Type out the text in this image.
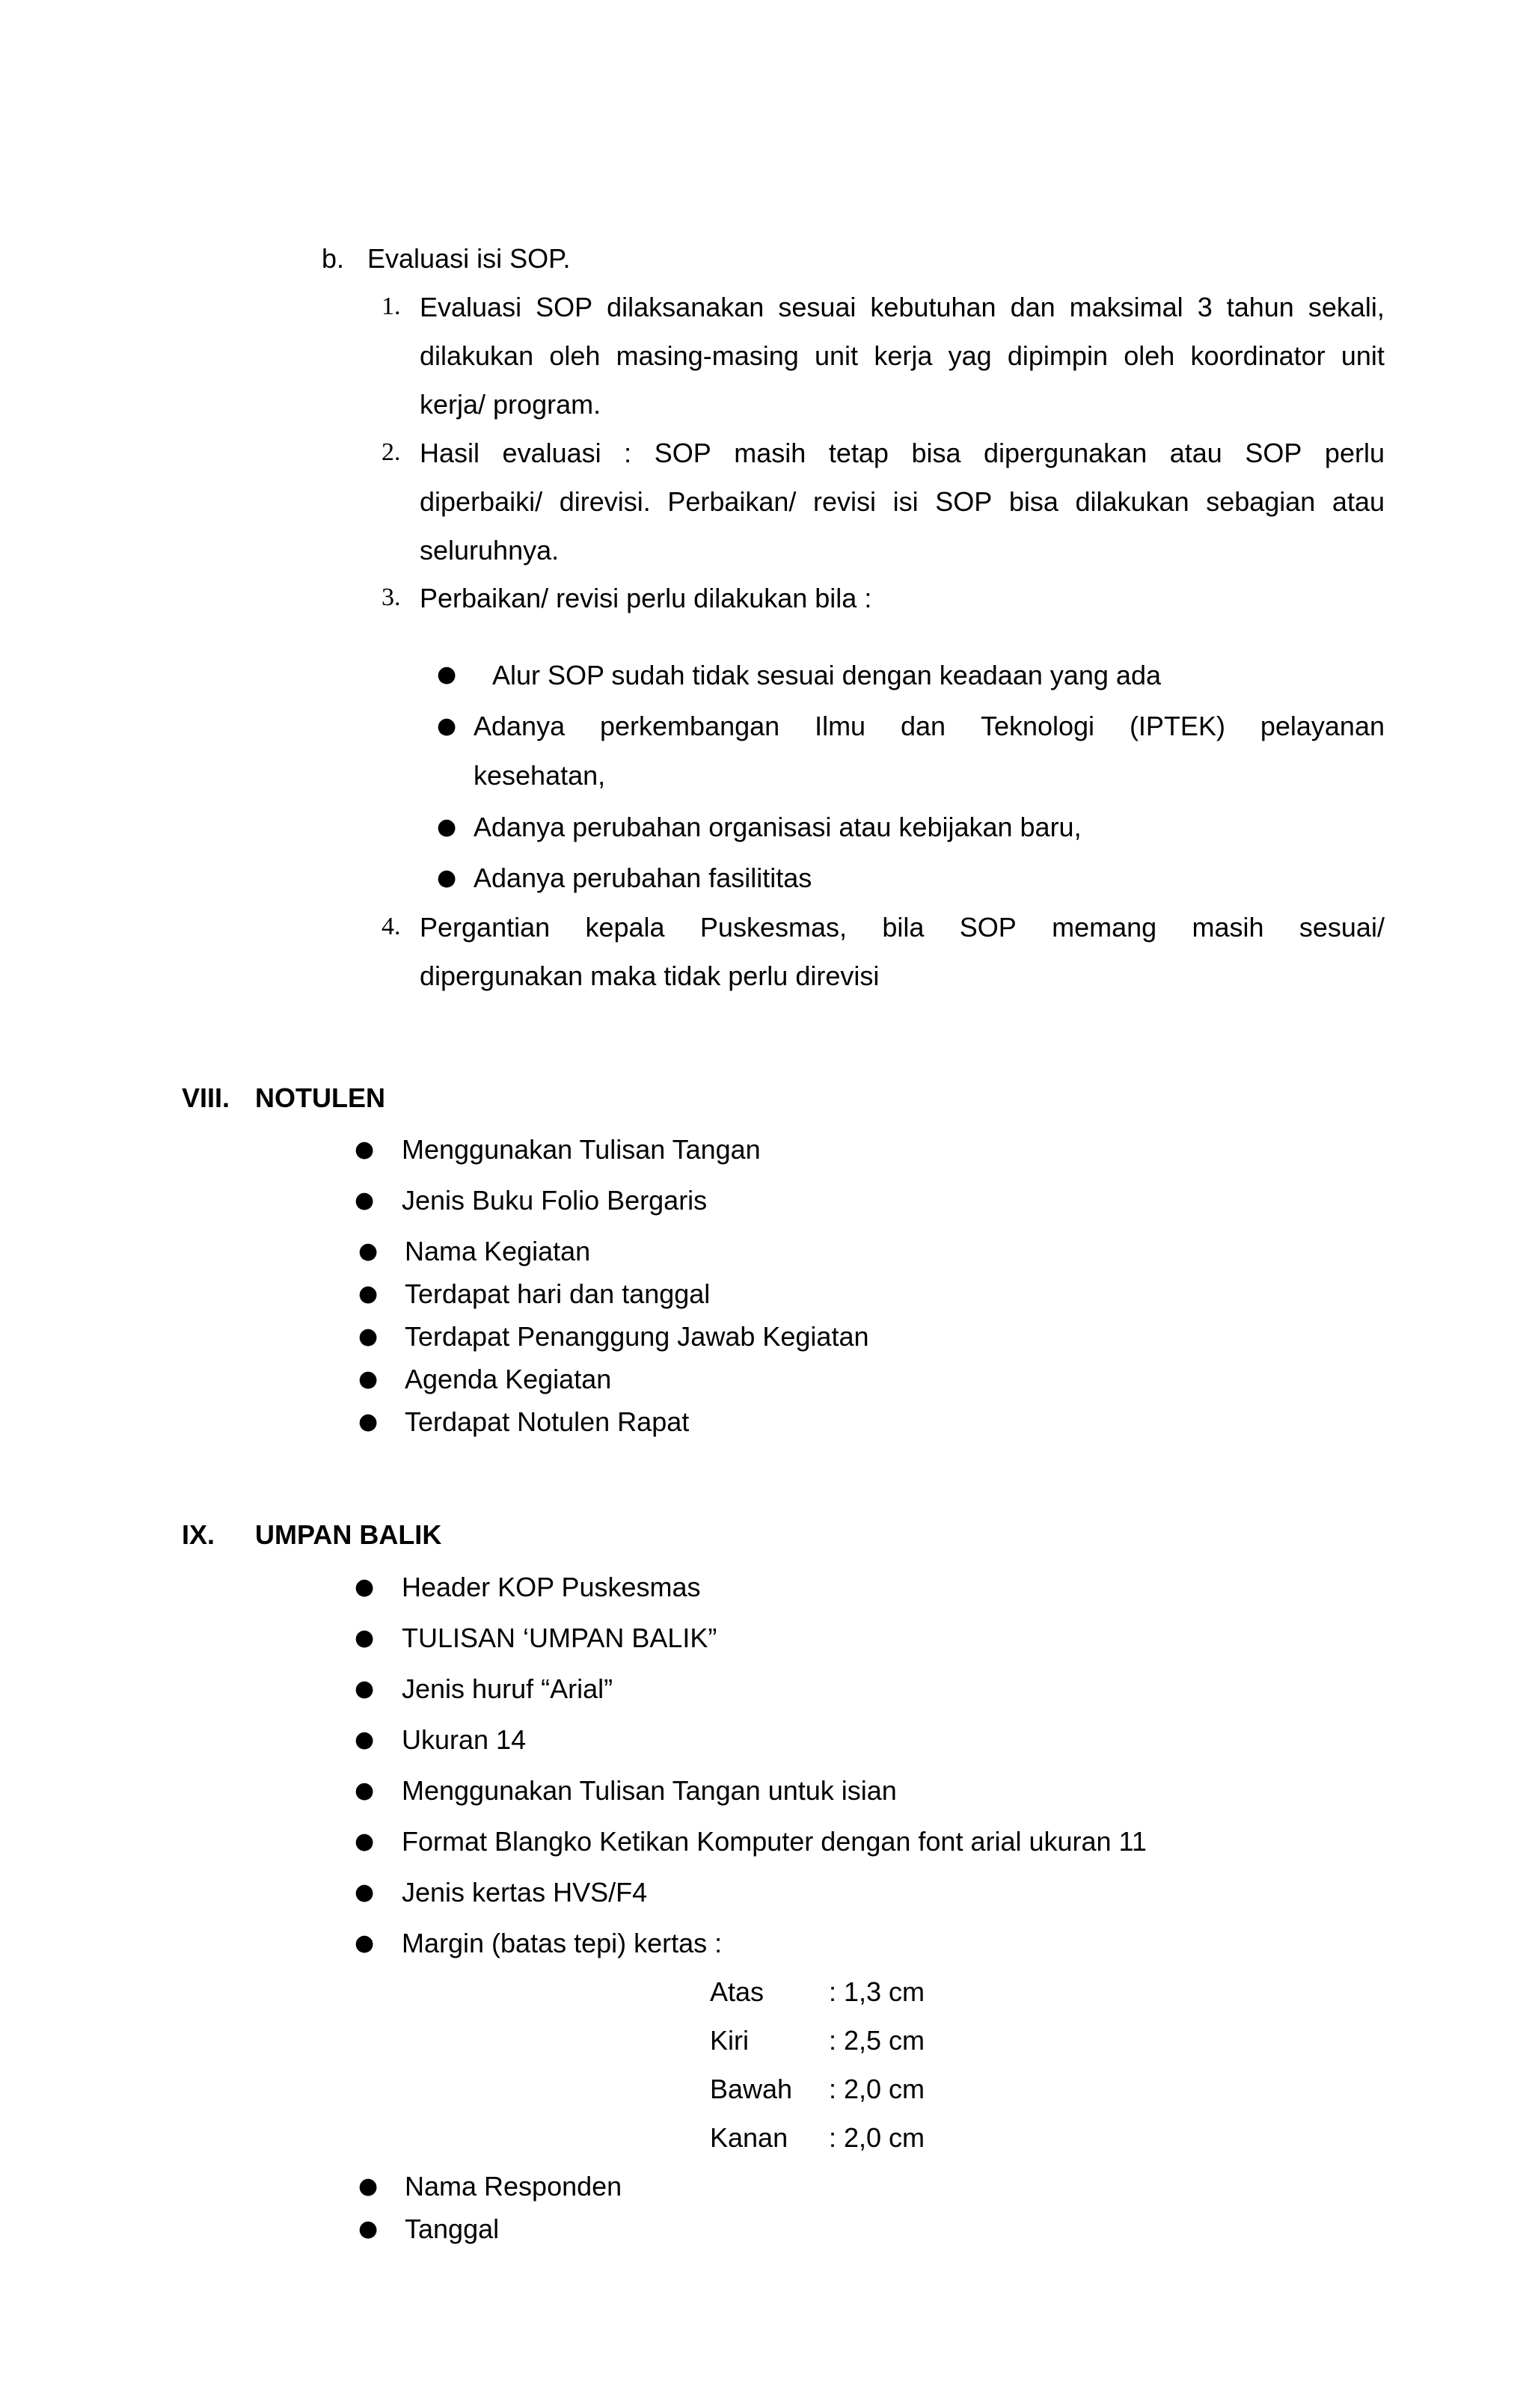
b. Evaluasi isi SOP.
1. Evaluasi SOP dilaksanakan sesuai kebutuhan dan maksimal 3 tahun sekali,
dilakukan oleh masing-masing unit kerja yag dipimpin oleh koordinator unit
kerja/ program.
2. Hasil evaluasi : SOP masih tetap bisa dipergunakan atau SOP perlu
diperbaiki/ direvisi. Perbaikan/ revisi isi SOP bisa dilakukan sebagian atau
seluruhnya.
3. Perbaikan/ revisi perlu dilakukan bila :
● Alur SOP sudah tidak sesuai dengan keadaan yang ada
● Adanya perkembangan Ilmu dan Teknologi (IPTEK) pelayanan
kesehatan,
● Adanya perubahan organisasi atau kebijakan baru,
● Adanya perubahan fasilititas
4. Pergantian kepala Puskesmas, bila SOP memang masih sesuai/
dipergunakan maka tidak perlu direvisi
VIII. NOTULEN
● Menggunakan Tulisan Tangan
● Jenis Buku Folio Bergaris
● Nama Kegiatan
● Terdapat hari dan tanggal
● Terdapat Penanggung Jawab Kegiatan
● Agenda Kegiatan
● Terdapat Notulen Rapat
IX. UMPAN BALIK
● Header KOP Puskesmas
● TULISAN ‘UMPAN BALIK”
● Jenis huruf “Arial”
● Ukuran 14
● Menggunakan Tulisan Tangan untuk isian
● Format Blangko Ketikan Komputer dengan font arial ukuran 11
● Jenis kertas HVS/F4
● Margin (batas tepi) kertas :
Atas : 1,3 cm
Kiri	: 2,5 cm
Bawah : 2,0 cm
Kanan : 2,0 cm
● Nama Responden
● Tanggal
